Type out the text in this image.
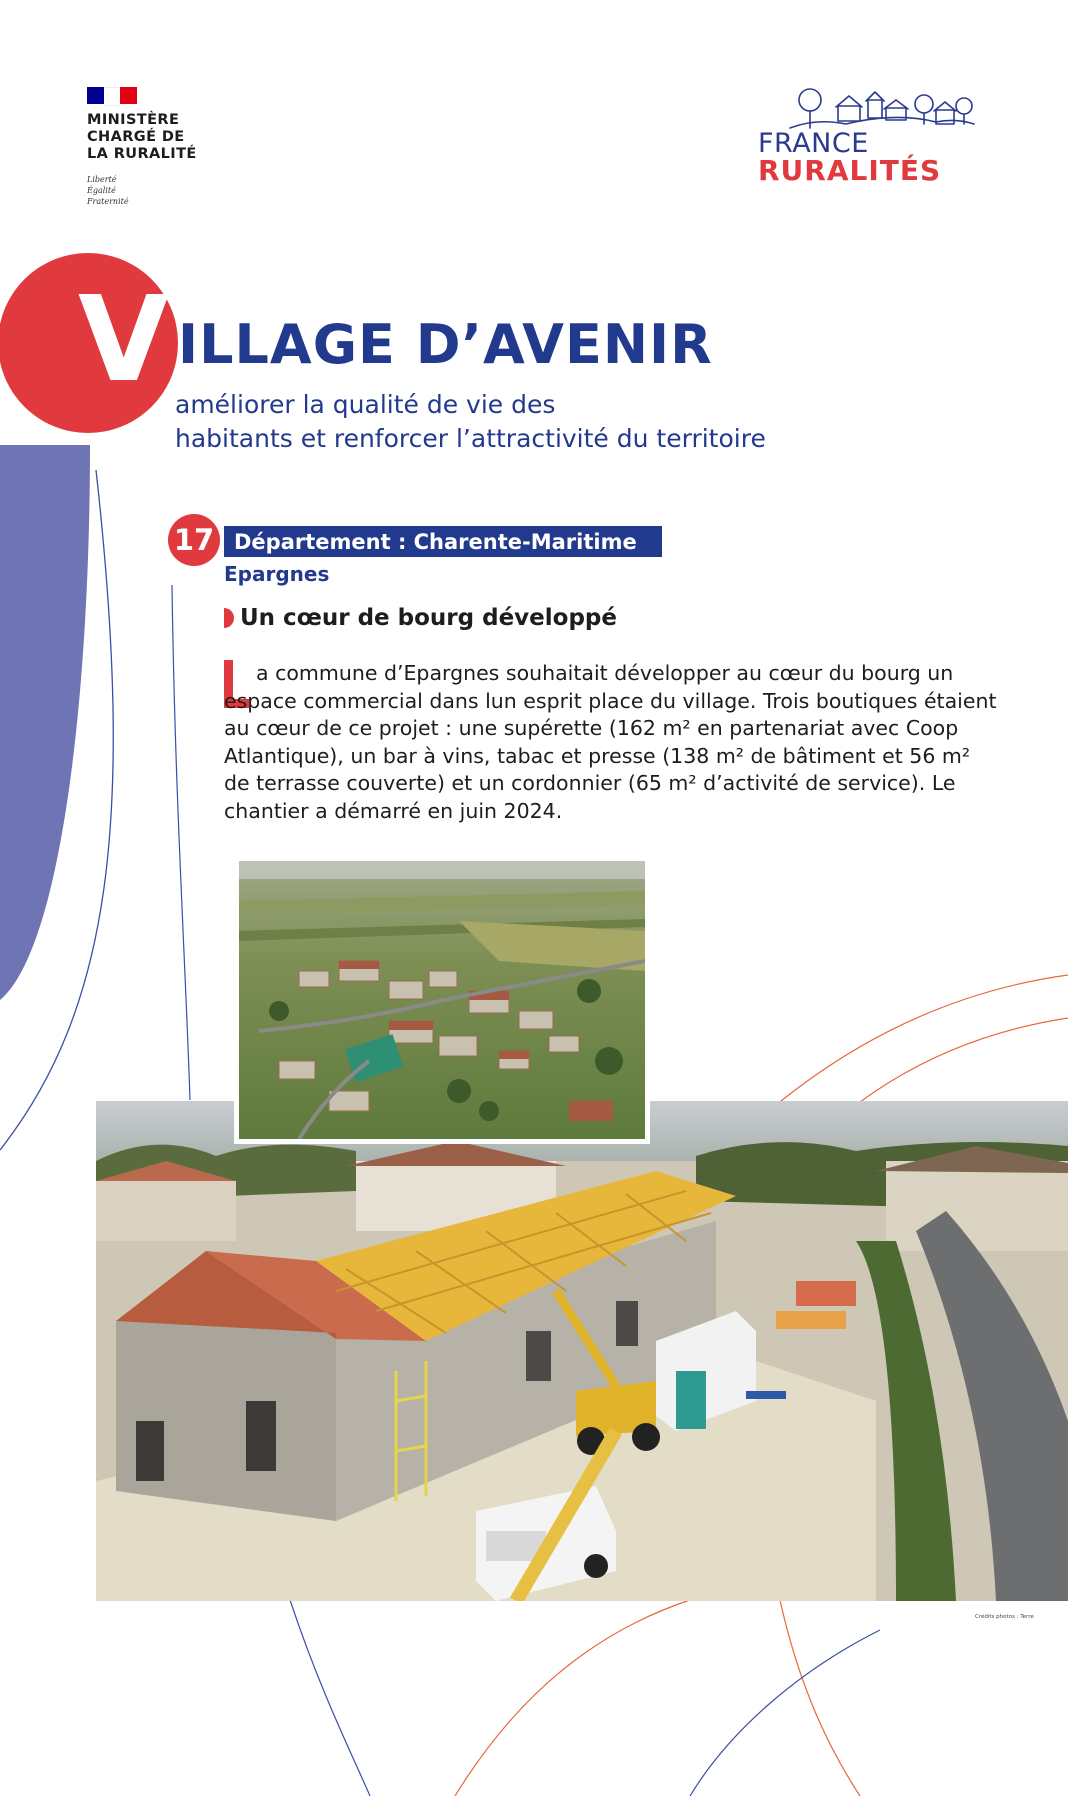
MINISTÈRE
CHARGÉ DE
LA RURALITÉ
Liberté
Égalité
Fraternité
FRANCE
RURALITÉS
V ILLAGE D’AVENIR
améliorer la qualité de vie des
habitants et renforcer l’attractivité du territoire
17 Département : Charente-Maritime
Epargnes
Un cœur de bourg développé
a commune d’Epargnes souhaitait développer au cœur du bourg un espace commercial dans lun esprit place du village. Trois boutiques étaient au cœur de ce projet : une supérette (162 m² en partenariat avec Coop Atlantique), un bar à vins, tabac et presse (138 m² de bâtiment et 56 m² de terrasse couverte) et un cordonnier (65 m² d’activité de service). Le chantier a démarré en juin 2024.
Crédits photos : Terre
